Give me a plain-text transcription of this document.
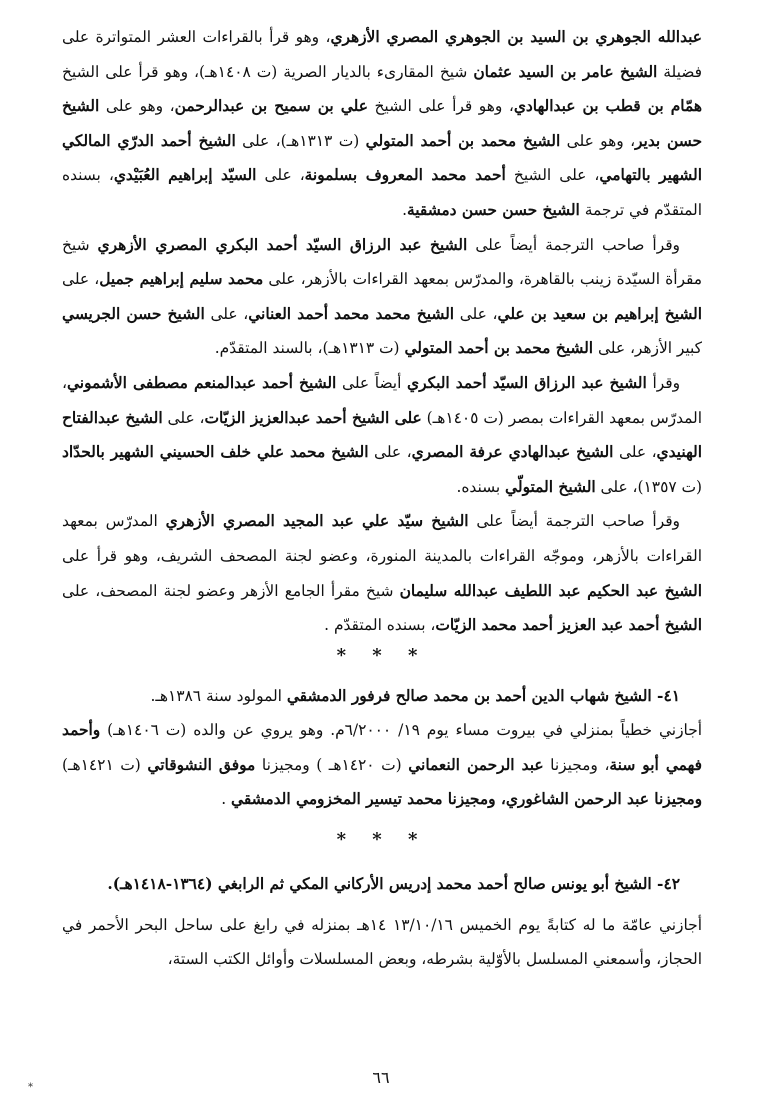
عبدالله الجوهري بن السيد بن الجوهري المصري الأزهري، وهو قرأ بالقراءات العشر المتواترة على فضيلة الشيخ عامر بن السيد عثمان شيخ المقارىء بالديار الصرية (ت ١٤٠٨هـ)، وهو قرأ على الشيخ همّام بن قطب بن عبدالهادي، وهو قرأ على الشيخ علي بن سميح بن عبدالرحمن، وهو على الشيخ حسن بدير، وهو على الشيخ محمد بن أحمد المتولي (ت ١٣١٣هـ)، على الشيخ أحمد الدرّي المالكي الشهير بالتهامي، على الشيخ أحمد محمد المعروف بسلمونة، على السيّد إبراهيم العُبَيْدي، بسنده المتقدّم في ترجمة الشيخ حسن حسن دمشقية.

وقرأ صاحب الترجمة أيضاً على الشيخ عبد الرزاق السيّد أحمد البكري المصري الأزهري شيخ مقرأة السيّدة زينب بالقاهرة، والمدرّس بمعهد القراءات بالأزهر، على محمد سليم إبراهيم جميل، على الشيخ إبراهيم بن سعيد بن علي، على الشيخ محمد محمد أحمد العناني، على الشيخ حسن الجريسي كبير الأزهر، على الشيخ محمد بن أحمد المتولي (ت ١٣١٣هـ)، بالسند المتقدّم.

وقرأ الشيخ عبد الرزاق السيّد أحمد البكري أيضاً على الشيخ أحمد عبدالمنعم مصطفى الأشموني، المدرّس بمعهد القراءات بمصر (ت ١٤٠٥هـ) على الشيخ أحمد عبدالعزيز الزيّات، على الشيخ عبدالفتاح الهنيدي، على الشيخ عبدالهادي عرفة المصري، على الشيخ محمد علي خلف الحسيني الشهير بالحدّاد (ت ١٣٥٧)، على الشيخ المتولّي بسنده.

وقرأ صاحب الترجمة أيضاً على الشيخ سيّد علي عبد المجيد المصري الأزهري المدرّس بمعهد القراءات بالأزهر، وموجّه القراءات بالمدينة المنورة، وعضو لجنة المصحف الشريف، وهو قرأ على الشيخ عبد الحكيم عبد اللطيف عبدالله سليمان شيخ مقرأ الجامع الأزهر وعضو لجنة المصحف، على الشيخ أحمد عبد العزيز أحمد محمد الزيّات، بسنده المتقدّم .

* * *

٤١- الشيخ شهاب الدين أحمد بن محمد صالح فرفور الدمشقي المولود سنة ١٣٨٦هـ.

أجازني خطياً بمنزلي في بيروت مساء يوم ١٩/ ٦/٢٠٠٠م. وهو يروي عن والده (ت ١٤٠٦هـ) وأحمد فهمي أبو سنة، ومجيزنا عبد الرحمن النعماني (ت ١٤٢٠هـ ) ومجيزنا موفق النشوقاتي (ت ١٤٢١هـ) ومجيزنا عبد الرحمن الشاغوري، ومجيزنا محمد تيسير المخزومي الدمشقي .

* * *

٤٢- الشيخ أبو يونس صالح أحمد محمد إدريس الأركاني المكي ثم الرابغي (١٣٦٤-١٤١٨هـ).

أجازني عامّة ما له كتابةً يوم الخميس ١٣/١٠/١٦ ١٤هـ بمنزله في رابغ على ساحل البحر الأحمر في الحجاز، وأسمعني المسلسل بالأوّلية بشرطه، وبعض المسلسلات وأوائل الكتب الستة،

٦٦
*
